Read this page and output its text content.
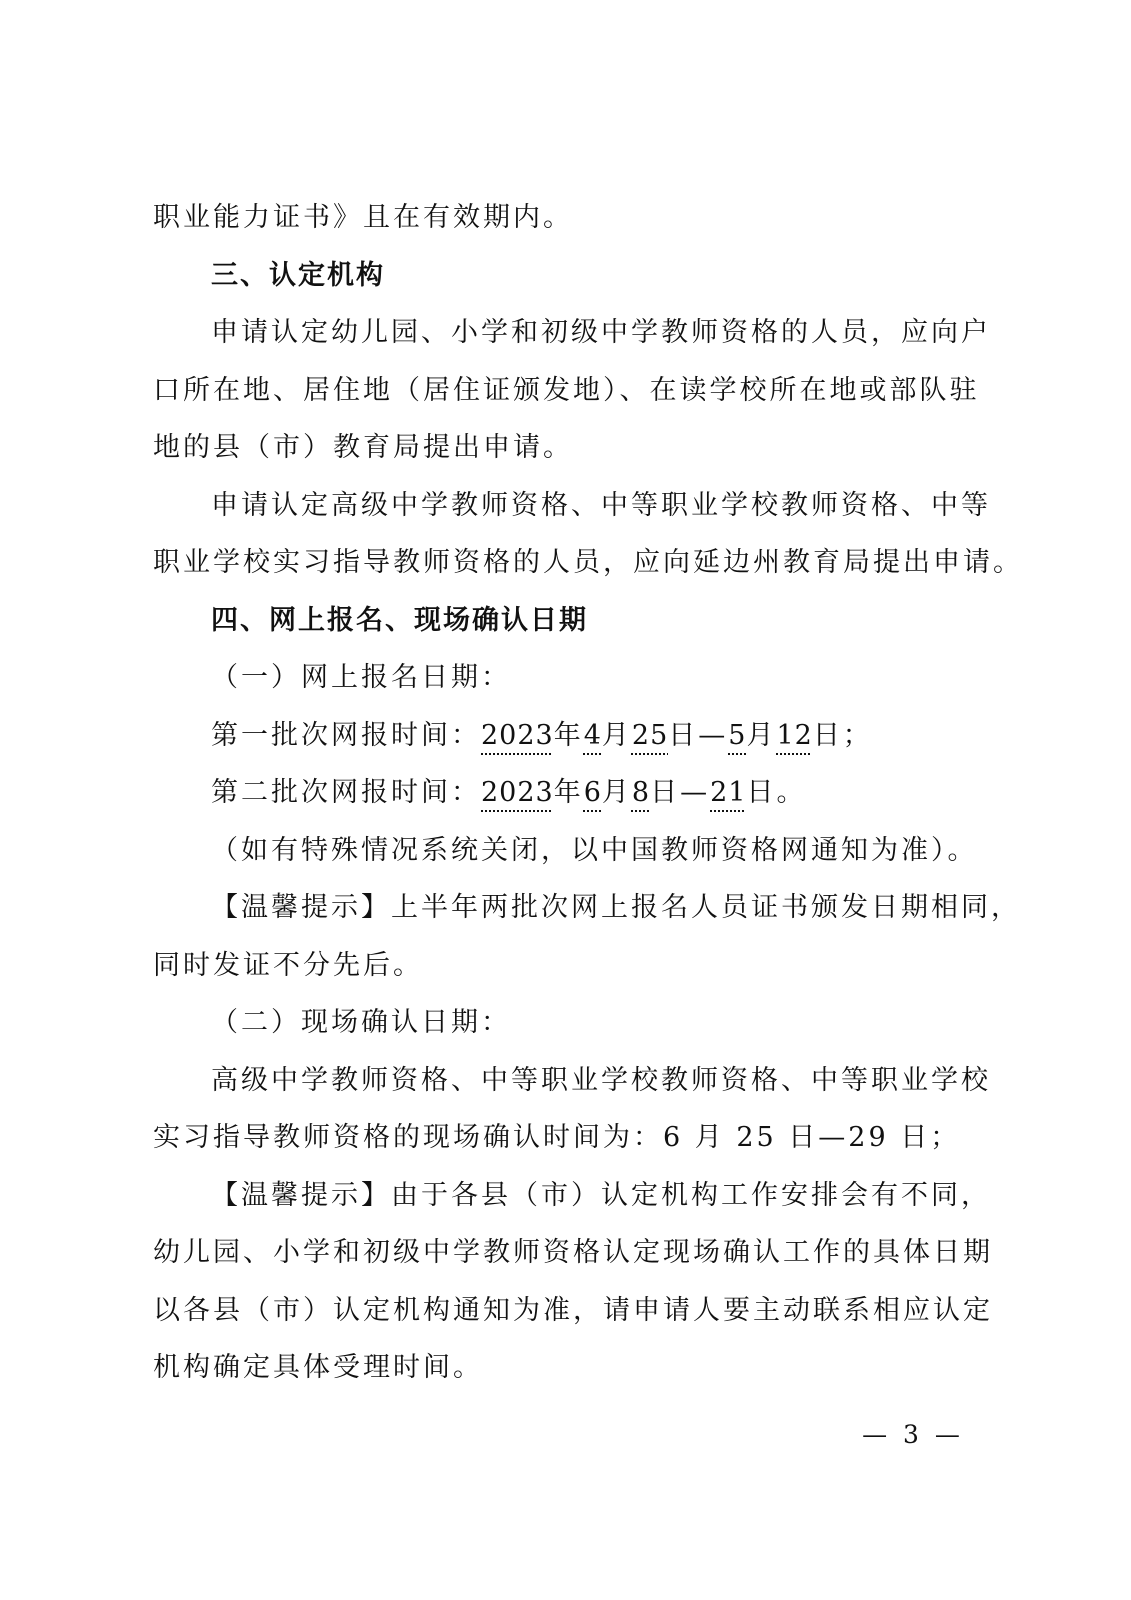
职业能力证书》且在有效期内。
三、认定机构
申请认定幼儿园、小学和初级中学教师资格的人员，应向户
口所在地、居住地（居住证颁发地）、在读学校所在地或部队驻
地的县（市）教育局提出申请。
申请认定高级中学教师资格、中等职业学校教师资格、中等
职业学校实习指导教师资格的人员，应向延边州教育局提出申请。
四、网上报名、现场确认日期
（一）网上报名日期：
第一批次网报时间：2023年4月25日—5月12日；
第二批次网报时间：2023年6月8日—21日。
（如有特殊情况系统关闭，以中国教师资格网通知为准）。
【温馨提示】上半年两批次网上报名人员证书颁发日期相同，
同时发证不分先后。
（二）现场确认日期：
高级中学教师资格、中等职业学校教师资格、中等职业学校
实习指导教师资格的现场确认时间为：6 月 25 日—29 日；
【温馨提示】由于各县（市）认定机构工作安排会有不同，
幼儿园、小学和初级中学教师资格认定现场确认工作的具体日期
以各县（市）认定机构通知为准，请申请人要主动联系相应认定
机构确定具体受理时间。
— 3 —
